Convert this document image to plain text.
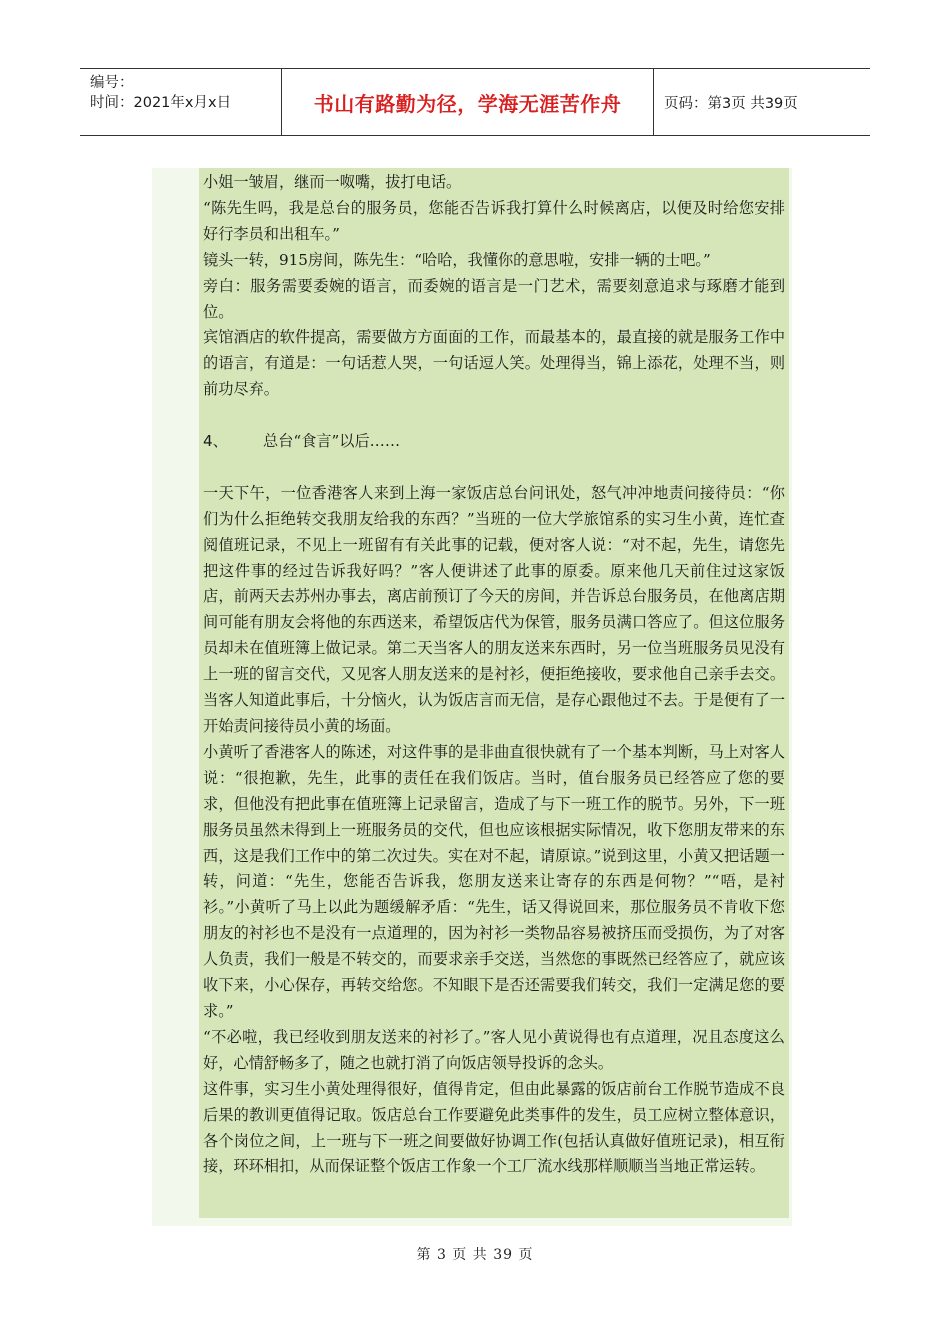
编号：
时间：2021年x月x日	书山有路勤为径，学海无涯苦作舟	页码：第3页 共39页

小姐一皱眉，继而一呶嘴，拔打电话。

“陈先生吗，我是总台的服务员，您能否告诉我打算什么时候离店，以便及时给您安排好行李员和出租车。”

镜头一转，915房间，陈先生：“哈哈，我懂你的意思啦，安排一辆的士吧。”

旁白：服务需要委婉的语言，而委婉的语言是一门艺术，需要刻意追求与琢磨才能到位。

宾馆酒店的软件提高，需要做方方面面的工作，而最基本的，最直接的就是服务工作中的语言，有道是：一句话惹人哭，一句话逗人笑。处理得当，锦上添花，处理不当，则前功尽弃。

4、	总台“食言”以后……

一天下午，一位香港客人来到上海一家饭店总台问讯处，怒气冲冲地责问接待员：“你们为什么拒绝转交我朋友给我的东西？”当班的一位大学旅馆系的实习生小黄，连忙查阅值班记录，不见上一班留有有关此事的记载，便对客人说：“对不起，先生，请您先把这件事的经过告诉我好吗？”客人便讲述了此事的原委。原来他几天前住过这家饭店，前两天去苏州办事去，离店前预订了今天的房间，并告诉总台服务员，在他离店期间可能有朋友会将他的东西送来，希望饭店代为保管，服务员满口答应了。但这位服务员却未在值班簿上做记录。第二天当客人的朋友送来东西时，另一位当班服务员见没有上一班的留言交代，又见客人朋友送来的是衬衫，便拒绝接收，要求他自己亲手去交。当客人知道此事后，十分恼火，认为饭店言而无信，是存心跟他过不去。于是便有了一开始责问接待员小黄的场面。

小黄听了香港客人的陈述，对这件事的是非曲直很快就有了一个基本判断，马上对客人说：“很抱歉，先生，此事的责任在我们饭店。当时，值台服务员已经答应了您的要求，但他没有把此事在值班簿上记录留言，造成了与下一班工作的脱节。另外，下一班服务员虽然未得到上一班服务员的交代，但也应该根据实际情况，收下您朋友带来的东西，这是我们工作中的第二次过失。实在对不起，请原谅。”说到这里，小黄又把话题一转，问道：“先生，您能否告诉我，您朋友送来让寄存的东西是何物？”“唔，是衬衫。”小黄听了马上以此为题缓解矛盾：“先生，话又得说回来，那位服务员不肯收下您朋友的衬衫也不是没有一点道理的，因为衬衫一类物品容易被挤压而受损伤，为了对客人负责，我们一般是不转交的，而要求亲手交送，当然您的事既然已经答应了，就应该收下来，小心保存，再转交给您。不知眼下是否还需要我们转交，我们一定满足您的要求。”

“不必啦，我已经收到朋友送来的衬衫了。”客人见小黄说得也有点道理，况且态度这么好，心情舒畅多了，随之也就打消了向饭店领导投诉的念头。

这件事，实习生小黄处理得很好，值得肯定，但由此暴露的饭店前台工作脱节造成不良后果的教训更值得记取。饭店总台工作要避免此类事件的发生，员工应树立整体意识，各个岗位之间，上一班与下一班之间要做好协调工作(包括认真做好值班记录)，相互衔接，环环相扣，从而保证整个饭店工作象一个工厂流水线那样顺顺当当地正常运转。

第 3 页 共 39 页
